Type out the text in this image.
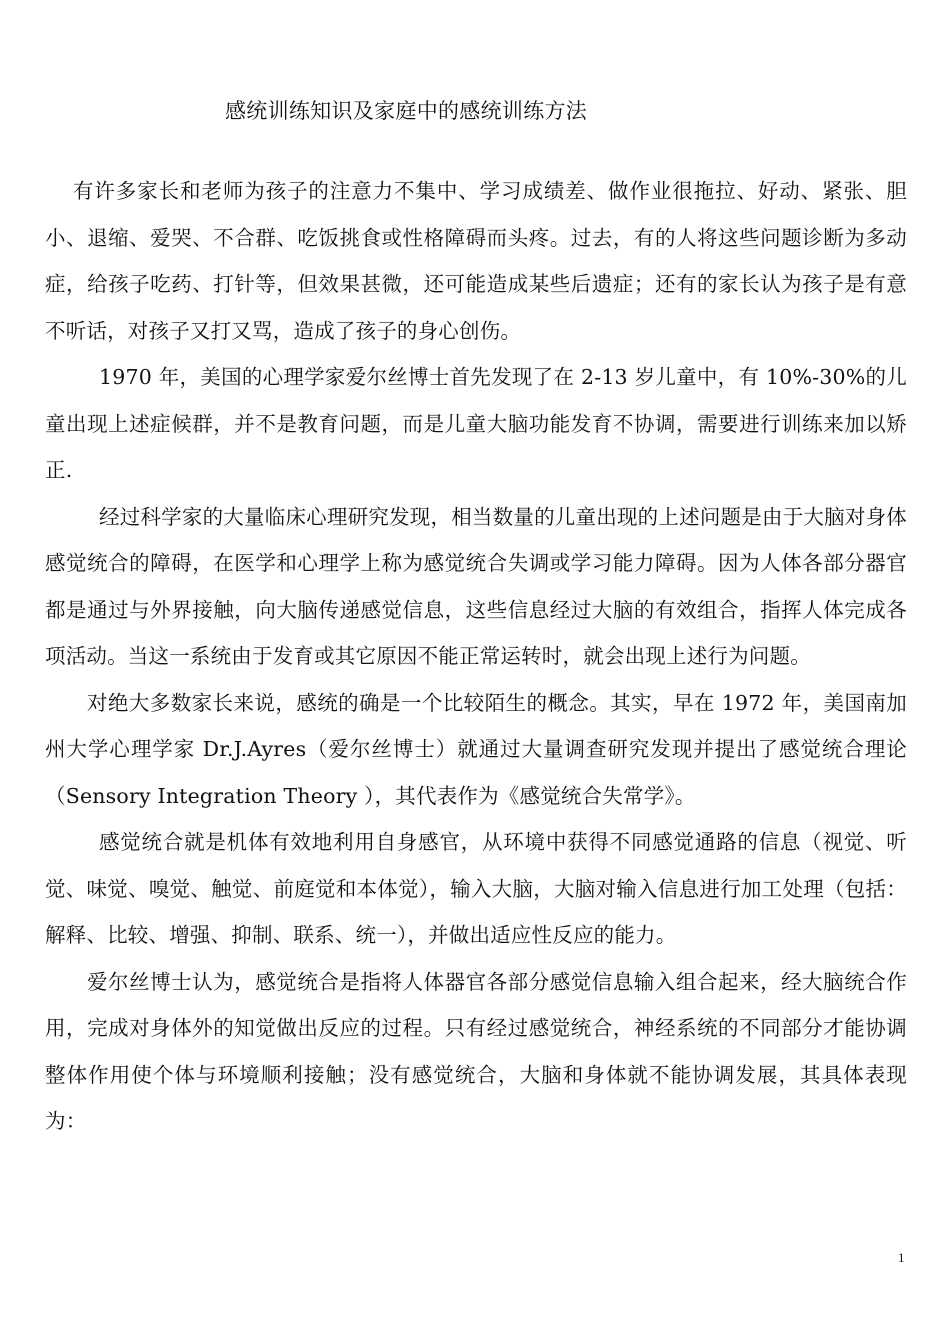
感统训练知识及家庭中的感统训练方法

有许多家长和老师为孩子的注意力不集中、学习成绩差、做作业很拖拉、好动、紧张、胆小、退缩、爱哭、不合群、吃饭挑食或性格障碍而头疼。过去，有的人将这些问题诊断为多动症，给孩子吃药、打针等，但效果甚微，还可能造成某些后遗症；还有的家长认为孩子是有意不听话，对孩子又打又骂，造成了孩子的身心创伤。

1970 年，美国的心理学家爱尔丝博士首先发现了在 2-13 岁儿童中，有 10%-30%的儿童出现上述症候群，并不是教育问题，而是儿童大脑功能发育不协调，需要进行训练来加以矫正.

经过科学家的大量临床心理研究发现，相当数量的儿童出现的上述问题是由于大脑对身体感觉统合的障碍，在医学和心理学上称为感觉统合失调或学习能力障碍。因为人体各部分器官都是通过与外界接触，向大脑传递感觉信息，这些信息经过大脑的有效组合，指挥人体完成各项活动。当这一系统由于发育或其它原因不能正常运转时，就会出现上述行为问题。

对绝大多数家长来说，感统的确是一个比较陌生的概念。其实，早在 1972 年，美国南加州大学心理学家 Dr.J.Ayres（爱尔丝博士）就通过大量调查研究发现并提出了感觉统合理论（Sensory Integration Theory ），其代表作为《感觉统合失常学》。

感觉统合就是机体有效地利用自身感官，从环境中获得不同感觉通路的信息（视觉、听觉、味觉、嗅觉、触觉、前庭觉和本体觉），输入大脑，大脑对输入信息进行加工处理（包括：解释、比较、增强、抑制、联系、统一），并做出适应性反应的能力。

爱尔丝博士认为，感觉统合是指将人体器官各部分感觉信息输入组合起来，经大脑统合作用，完成对身体外的知觉做出反应的过程。只有经过感觉统合，神经系统的不同部分才能协调整体作用使个体与环境顺利接触；没有感觉统合，大脑和身体就不能协调发展，其具体表现为：

1
